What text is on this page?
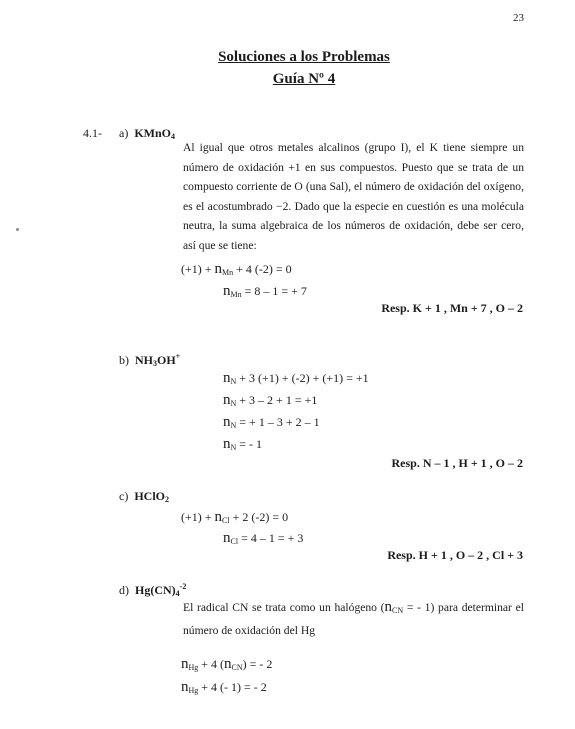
23
Soluciones a los Problemas
Guía Nº 4
4.1- a) KMnO$_4$
Al igual que otros metales alcalinos (grupo I), el K tiene siempre un número de oxidación +1 en sus compuestos. Puesto que se trata de un compuesto corriente de O (una Sal), el número de oxidación del oxígeno, es el acostumbrado −2. Dado que la especie en cuestión es una molécula neutra, la suma algebraica de los números de oxidación, debe ser cero, así que se tiene:
$(+1) + n_{Mn} + 4$ (-2) = 0
$n_{Mn} = 8 - 1$ = + 7
Resp. K + 1 , Mn + 7 , O – 2
b) $NH_3OH^+$
$n_N + 3$ (+1) + (-2) + (+1) = +1
$n_N + 3 - 2 + 1 = +1$
$n_N$ = + 1 – 3 + 2 – 1
$n_N$ = - 1
Resp. N – 1 , H + 1 , O – 2
c) HClO$_2$
$(+1) + n_{Cl} + 2$ (-2) = 0
$n_{Cl} = 4 - 1$ = + 3
Resp. H + 1 , O – 2 , Cl + 3
d) $Hg(CN)_4^{-2}$
El radical CN se trata como un halógeno ($n_{CN}$ = - 1) para determinar el número de oxidación del Hg
$n_{Hg} + 4$ $(n_{CN})$ = - 2
$n_{Hg} + 4$ (- 1) = - 2
